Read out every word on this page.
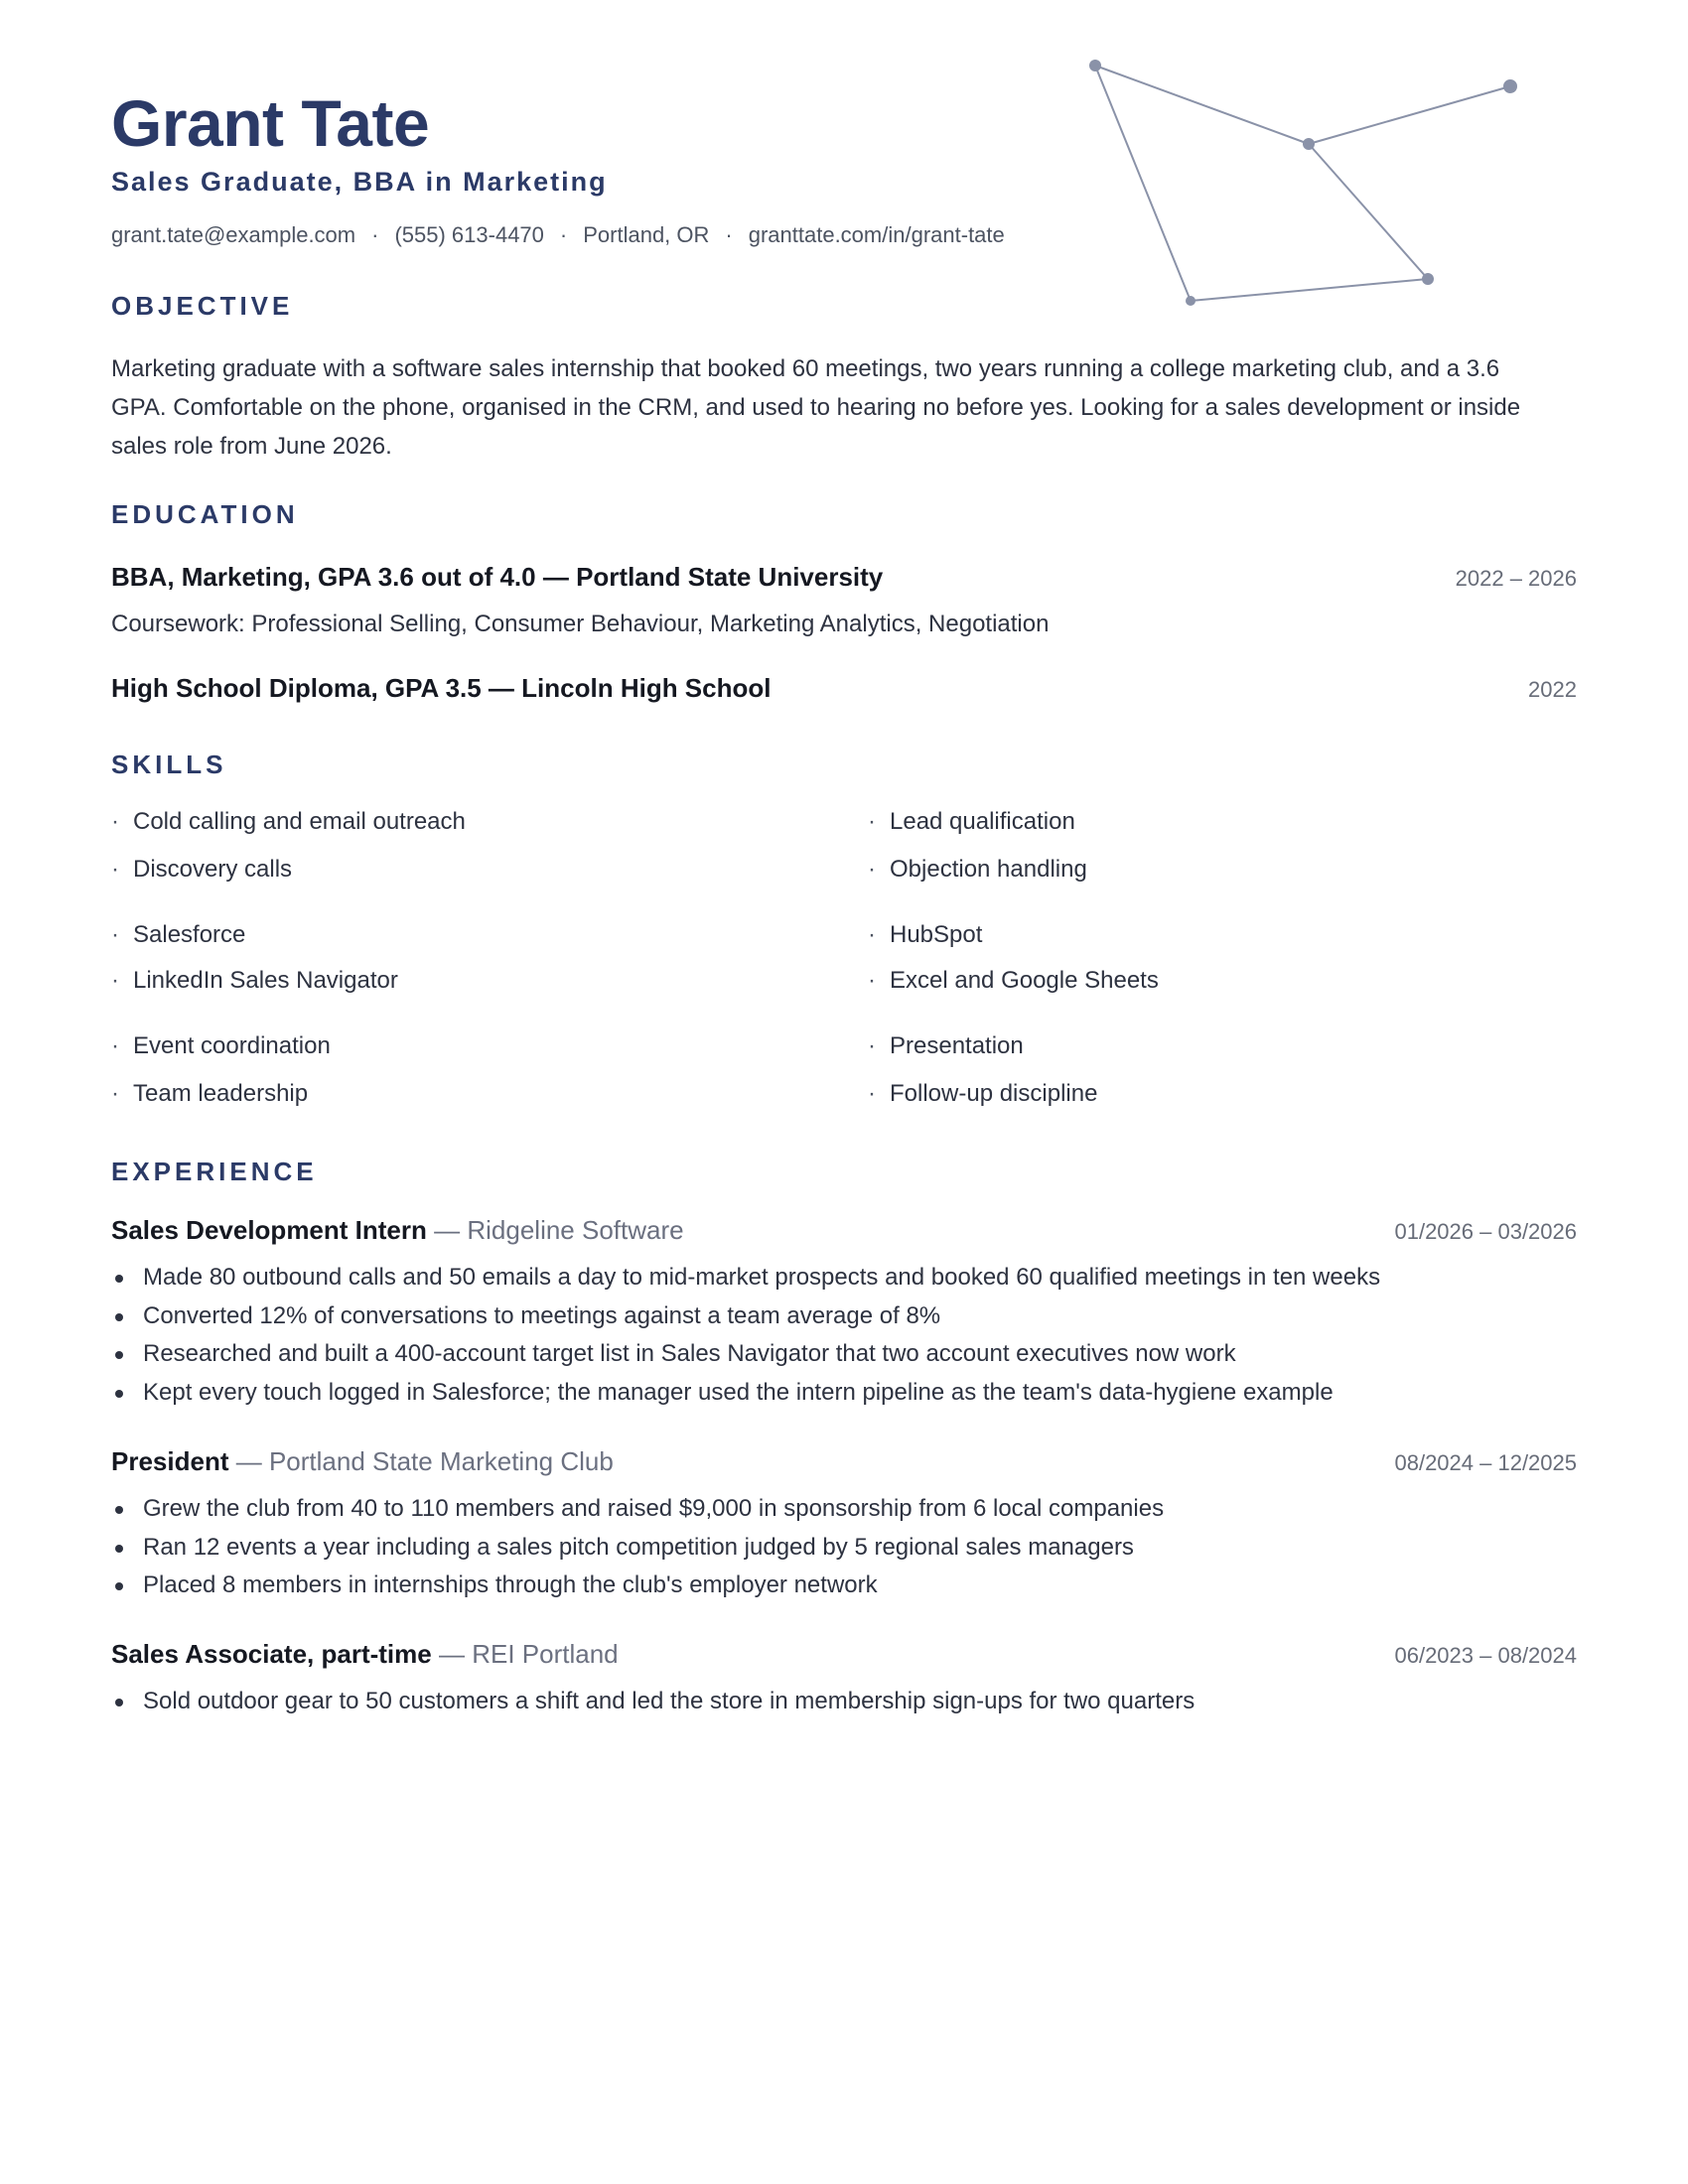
Grant Tate
Sales Graduate, BBA in Marketing
grant.tate@example.com · (555) 613-4470 · Portland, OR · granttate.com/in/grant-tate
OBJECTIVE

Marketing graduate with a software sales internship that booked 60 meetings, two years running a college marketing club, and a 3.6 GPA. Comfortable on the phone, organised in the CRM, and used to hearing no before yes. Looking for a sales development or inside sales role from June 2026.

EDUCATION
BBA, Marketing, GPA 3.6 out of 4.0 — Portland State University	2022 – 2026
Coursework: Professional Selling, Consumer Behaviour, Marketing Analytics, Negotiation
High School Diploma, GPA 3.5 — Lincoln High School	2022
SKILLS
· Cold calling and email outreach	· Lead qualification
· Discovery calls	· Objection handling
· Salesforce	· HubSpot
· LinkedIn Sales Navigator	· Excel and Google Sheets
· Event coordination	· Presentation
· Team leadership	· Follow-up discipline
EXPERIENCE
Sales Development Intern — Ridgeline Software	01/2026 – 03/2026
Made 80 outbound calls and 50 emails a day to mid-market prospects and booked 60 qualified meetings in ten weeks
Converted 12% of conversations to meetings against a team average of 8%
Researched and built a 400-account target list in Sales Navigator that two account executives now work
Kept every touch logged in Salesforce; the manager used the intern pipeline as the team's data-hygiene example
President — Portland State Marketing Club	08/2024 – 12/2025
Grew the club from 40 to 110 members and raised $9,000 in sponsorship from 6 local companies
Ran 12 events a year including a sales pitch competition judged by 5 regional sales managers
Placed 8 members in internships through the club's employer network
Sales Associate, part-time — REI Portland	06/2023 – 08/2024
Sold outdoor gear to 50 customers a shift and led the store in membership sign-ups for two quarters
